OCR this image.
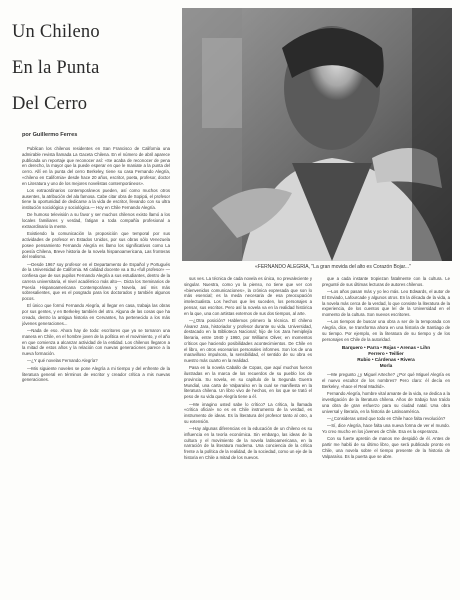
Un Chileno
En la Punta
Del Cerro
por Guillermo Ferres
«FERNANDO ALEGRIA, "La gran movida del alto es Corazón Bojar..."

Publican los chilenos residentes en San Francisco de California una admirable revista llamada La Gaceta Chilena. En el número de abril aparece publicada un reportaje que reconocer así: «Se acaba de reconocer de pena en derecho, la mayor que la puede esperar en que le maniate a la punta del cerro. Allí en la punta del cerro Berkeley, tiene su casa Fernando Alegría, «chileno en California» desde hace 20 años, escritor, poeta, profesor, doctor en Literatura y uno de los mejores novelistas contemporáneos».

Los extraordinarios contemporáneos pueden, así como muchos otros ausentes, la atribución del ala famosa. Cabe citar obra de Sopipá, el profesor tiene la oportunidad de dedicarse a la vida de escritor, llevando con su ultra institución sociológica y sociológica.— Hoy en Chile Fernando Alegría.

De humoso televisión a su favor y ser muchos chilenos existo llamó a los locales familiares y verdad, fatigan a toda compañía profesional a extraordinario la mente.

Existiendo la comunicación la proposición que temporal por sus actividades de profesor en Estados Unidos, por sus obras sólo Venezuela posee pensamiento Fernando Alegría es llamo los significativos como La poesía Chilena, Breve historia de la novela hispanoamericana, Las fronteras del realismo.

—Desde 1967 soy profesor en el Departamento de Español y Portugués de la Universidad de California. Mi calidad docente va a Su «full profesor» —confiesa que de sus pupilos Fernando Alegría a sus estudiantes, dentro de la carrera universitaria, el nivel académico más alto—. Dicta los Seminarios de Poesía Hispanoamericana Contemporánea y Novela, así mis más sobresalientes, que es el posgrado para los doctorados y también algunos pocos.

El único que formó Fernando Alegría, al llegar en casa, trabaja las obras por sus gentes, y en Berkeley también del otro. Alguna de las cosas que ha creado, dentro la antigua historia en Cervantes, ha pertenecido a los más jóvenes generaciones...

—Nada de eso. Ahora hay de todo: escritores que ya se tornaron una manera en Chile, en el hombre joven de la política en el movimiento, y el año en que comienza a alcanzar actividad de la entidad. Los chilenos llegaron a la mitad de estos años y la relación con nuevas generaciones parece a la nueva formación.

—¿Y qué novelas Fernando Alegría?

—Mis siguiente noveles se pone Alegría a mi tiempo y del enfrente de la literatura general en términos de escritor y creador crítica a mis nuevas generaciones.

sus ves. La técnica de cada novela es única, no prevaleciente y singular. Nuestra, como yo la pienso, no tiene que ver con «bienvenidos comunicaciones», la crónica expresada que son lo más esencial; es la meda necesaria de esa preocupación intelectualista. Los hechos que les suceden, los personajes a pensar, sus escritos. Pero así la novela va en la realidad histórica en la que, una con artistas externos de sus dos tiempos, al arte.

—¿Otra posición? Hablemos primero la técnica. El chileno Álvarez Jara, historiador y profesor durante su vida. Universidad, destacado en la Biblioteca Nacional; hijo de los Jara hemiplejía literaria, entre 1940 y 1960, por Williams Oliver, en momentos críticos que haciendo posibilidades acontecimientos. De Chile en el libro, en otros escenarios personales informes. Son los de una maravilloso impulsora, la sensibilidad, el sentido de su obra es nuestro más cuarto en la realidad.

Pasa en la novela Caballo de Copas, que aquí muchos fueron ilustradas en la marca de los recuerdos de su pueblo los de provincia. Su novela, en su capítulo de la Segunda Guerra Mundial, una carta de Valparaíso en la cual se manifiesta en la literatura chilena. Un libro vivo de hechos, en los que se trató el peso de su vida que Alegría tiene a él.

—Me imagino usted sabe lo crítico? La crítica, la llamada «crítica oficial» no es en Chile instrumento de la verdad, es instrumento de ideas. Es la literatura del profesor tanto al otro, a su extensión.

—Hay algunas diferencias en la educación de un chileno es su influencia en la teoría económica. Sin embargo, las ideas de la cultura y el movimiento de la novela latinoamericana, en la narración de la literatura moderna. Una conciencia de la crítica frente a la política de la realidad, de la sociedad, como un eje de la historia en Chile a mitad de los nuevos.

que a cada instante tropiezan fatalmente con la cultura. Le pregunté de sus últimas lecturas de autores chilenos.

—Los años pasan más y yo leo más. Leo Edwards, el autor de El Enviado, Lafourcade y algunos otros. En la década de la vida, a la novela más cerca de la verdad, lo que consiste la literatura de la experiencia, de los cuentos que leí de la Universidad en el momento de la cultura. Son nuevos escritores.

—Los tiempos de buscar una obra a ser de la temporada con Alegría, dice, se transforma ahora en una historia de Santiago de su tiempo. Por ejemplo, en la literatura de su tiempo y de los personajes en Chile de la autoridad.

Barquero • Parra • Rojas • Arenas • Lihn
Ferrero • Teillier
Rubio • Cárdenas • Rivera
Morla

—Me pregunto ¿y Miguel Arteche? ¿Por qué Miguel Alegría es el nuevo escultor de los nombres? Pero claro: él decía en Berkeley, «hace el Real Madrid».

Fernando Alegría, hombre vital amante de la vida, se dedica a la investigación de la literatura chilena. Años de trabajo han traído una obra de gran esfuerzo para su ciudad natal. Una obra universal y literaria, en la historia de Latinoamérica.

—¿Consideras usted que todo en Chile hace falta revolución?

—Sí, dice Alegría, hace falta una nueva forma de ver el mundo. Yo creo mucho en los jóvenes de Chile. Esa es la esperanza.

Con su fuerte apretón de manos me despidió de él. Antes de partir me habló de su último libro, que será publicado pronto en Chile, una novela sobre el tiempo presente de la historia de Valparaíso. Es la puerta que se abre.
